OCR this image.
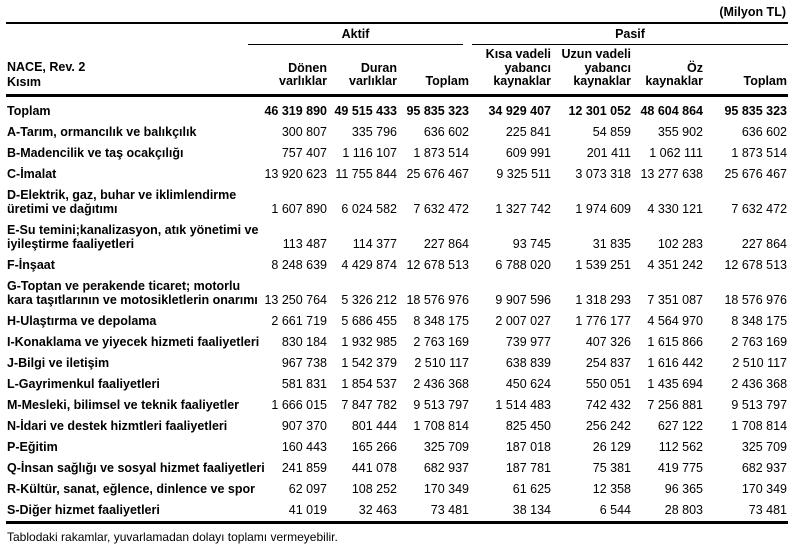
(Milyon TL)
NACE, Rev. 2
Kısım	Aktif			Pasif			

Dönen
varlıklar

Duran
varlıklar	Toplam

Kısa vadeli
yabancı
kaynaklar

Uzun vadeli
yabancı
kaynaklar

Öz
kaynaklar	Toplam

Toplam	46 319 890	49 515 433	95 835 323	34 929 407	12 301 052	48 604 864	95 835 323

A-Tarım, ormancılık ve balıkçılık	300 807	335 796	636 602	225 841	54 859	355 902	636 602

B-Madencilik ve taş ocakçılığı	757 407	1 116 107	1 873 514	609 991	201 411	1 062 111	1 873 514

C-İmalat	13 920 623	11 755 844	25 676 467	9 325 511	3 073 318	13 277 638	25 676 467

D-Elektrik, gaz, buhar ve iklimlendirme
üretimi ve dağıtımı	1 607 890	6 024 582	7 632 472	1 327 742	1 974 609	4 330 121	7 632 472

E-Su temini;kanalizasyon, atık yönetimi ve
iyileştirme faaliyetleri	113 487	114 377	227 864	93 745	31 835	102 283	227 864

F-İnşaat	8 248 639	4 429 874	12 678 513	6 788 020	1 539 251	4 351 242	12 678 513

G-Toptan ve perakende ticaret; motorlu
kara taşıtlarının ve motosikletlerin onarımı	13 250 764	5 326 212	18 576 976	9 907 596	1 318 293	7 351 087	18 576 976

H-Ulaştırma ve depolama	2 661 719	5 686 455	8 348 175	2 007 027	1 776 177	4 564 970	8 348 175

I-Konaklama ve yiyecek hizmeti faaliyetleri	830 184	1 932 985	2 763 169	739 977	407 326	1 615 866	2 763 169

J-Bilgi ve iletişim	967 738	1 542 379	2 510 117	638 839	254 837	1 616 442	2 510 117

L-Gayrimenkul faaliyetleri	581 831	1 854 537	2 436 368	450 624	550 051	1 435 694	2 436 368

M-Mesleki, bilimsel ve teknik faaliyetler	1 666 015	7 847 782	9 513 797	1 514 483	742 432	7 256 881	9 513 797

N-İdari ve destek hizmtleri faaliyetleri	907 370	801 444	1 708 814	825 450	256 242	627 122	1 708 814

P-Eğitim	160 443	165 266	325 709	187 018	26 129	112 562	325 709

Q-İnsan sağlığı ve sosyal hizmet faaliyetleri	241 859	441 078	682 937	187 781	75 381	419 775	682 937

R-Kültür, sanat, eğlence, dinlence ve spor	62 097	108 252	170 349	61 625	12 358	96 365	170 349

S-Diğer hizmet faaliyetleri	41 019	32 463	73 481	38 134	6 544	28 803	73 481
Tablodaki rakamlar, yuvarlamadan dolayı toplamı vermeyebilir.
